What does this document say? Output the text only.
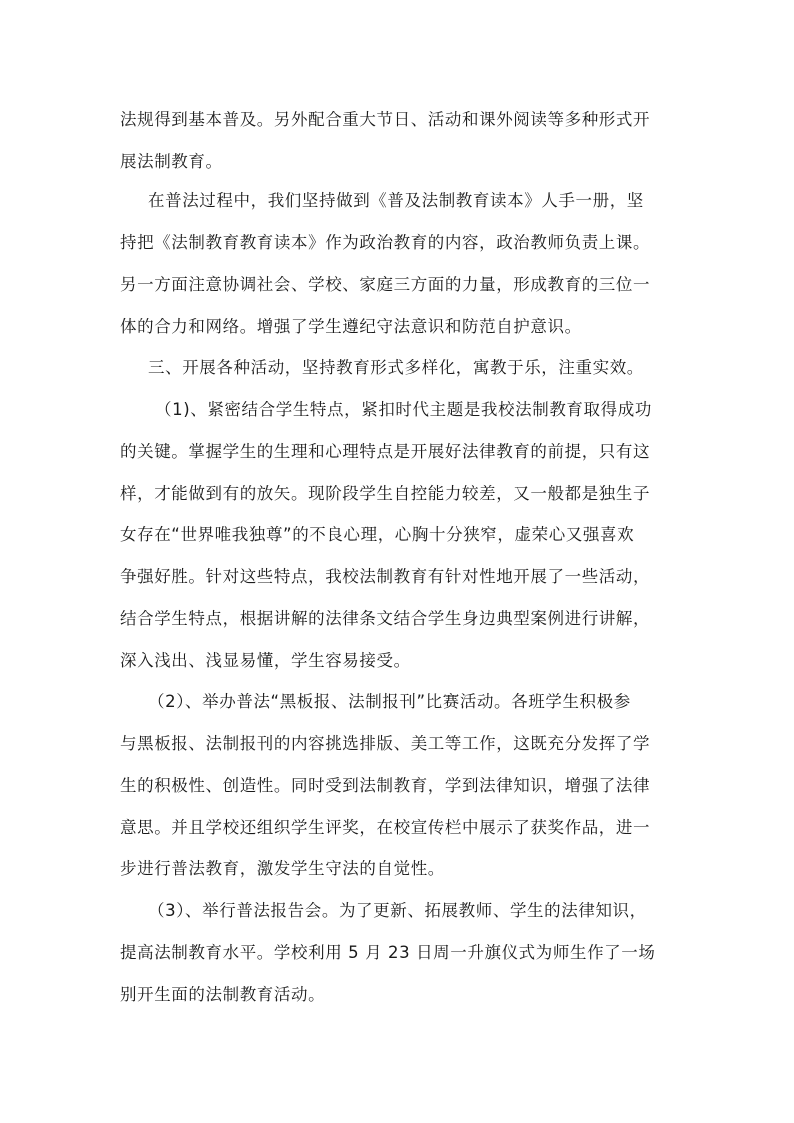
法规得到基本普及。另外配合重大节日、活动和课外阅读等多种形式开
展法制教育。
在普法过程中，我们坚持做到《普及法制教育读本》人手一册，坚
持把《法制教育教育读本》作为政治教育的内容，政治教师负责上课。
另一方面注意协调社会、学校、家庭三方面的力量，形成教育的三位一
体的合力和网络。增强了学生遵纪守法意识和防范自护意识。
三、开展各种活动，坚持教育形式多样化，寓教于乐，注重实效。
（1)、紧密结合学生特点，紧扣时代主题是我校法制教育取得成功
的关键。掌握学生的生理和心理特点是开展好法律教育的前提，只有这
样，才能做到有的放矢。现阶段学生自控能力较差，又一般都是独生子
女存在“世界唯我独尊”的不良心理，心胸十分狭窄，虚荣心又强喜欢
争强好胜。针对这些特点，我校法制教育有针对性地开展了一些活动，
结合学生特点，根据讲解的法律条文结合学生身边典型案例进行讲解，
深入浅出、浅显易懂，学生容易接受。
（2）、举办普法“黑板报、法制报刊”比赛活动。各班学生积极参
与黑板报、法制报刊的内容挑选排版、美工等工作，这既充分发挥了学
生的积极性、创造性。同时受到法制教育，学到法律知识，增强了法律
意思。并且学校还组织学生评奖，在校宣传栏中展示了获奖作品，进一
步进行普法教育，激发学生守法的自觉性。
（3）、举行普法报告会。为了更新、拓展教师、学生的法律知识，
提高法制教育水平。学校利用 5 月 23 日周一升旗仪式为师生作了一场
别开生面的法制教育活动。
